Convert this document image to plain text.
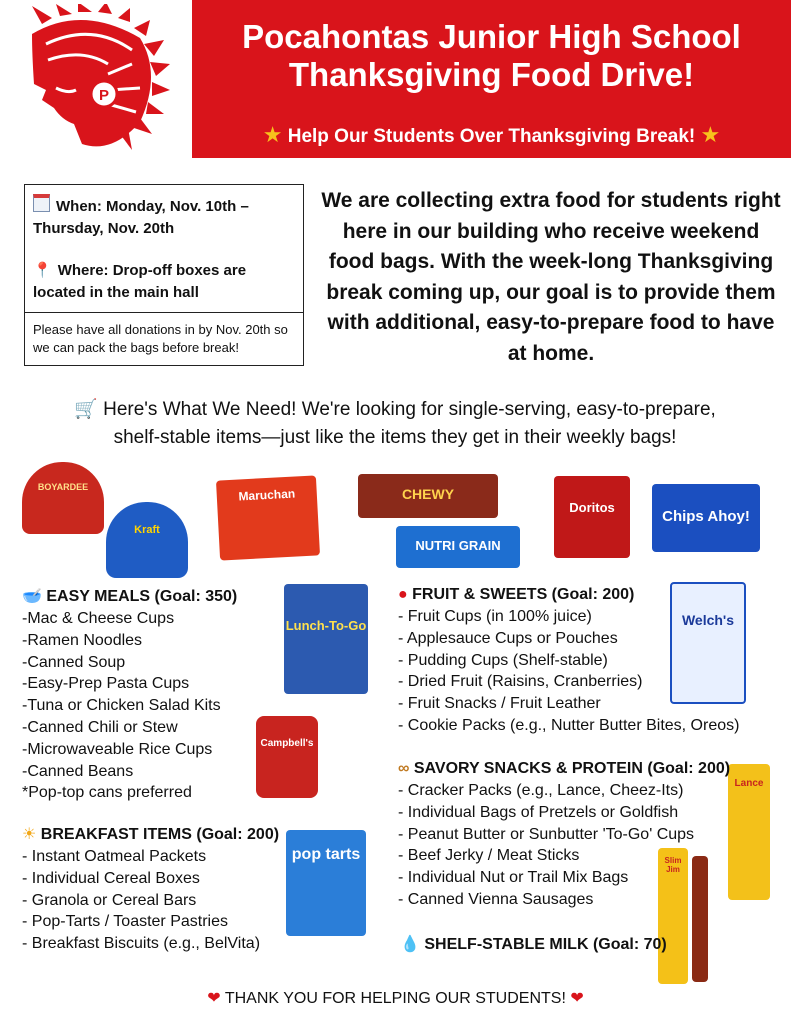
P
Pocahontas Junior High School
Thanksgiving Food Drive!
★ Help Our Students Over Thanksgiving Break! ★
When: Monday, Nov. 10th – Thursday, Nov. 20th
📍 Where: Drop-off boxes are located in the main hall
Please have all donations in by Nov. 20th so we can pack the bags before break!
We are collecting extra food for students right here in our building who receive weekend food bags. With the week-long Thanksgiving break coming up, our goal is to provide them with additional, easy-to-prepare food to have at home.
🛒 Here's What We Need! We're looking for single-serving, easy-to-prepare,
shelf-stable items—just like the items they get in their weekly bags!
BOYARDEE
Kraft
Maruchan	CHEWY
NUTRI GRAIN
Doritos
Chips Ahoy!
Lunch-To-Go
Campbell's
pop tarts
Welch's
Lance
Slim Jim
🥣 EASY MEALS (Goal: 350)
-Mac & Cheese Cups
-Ramen Noodles
-Canned Soup
-Easy-Prep Pasta Cups
-Tuna or Chicken Salad Kits
-Canned Chili or Stew
-Microwaveable Rice Cups
-Canned Beans
*Pop-top cans preferred
☀ BREAKFAST ITEMS (Goal: 200)
- Instant Oatmeal Packets
- Individual Cereal Boxes
- Granola or Cereal Bars
- Pop-Tarts / Toaster Pastries
- Breakfast Biscuits (e.g., BelVita)
● FRUIT & SWEETS (Goal: 200)
- Fruit Cups (in 100% juice)
- Applesauce Cups or Pouches
- Pudding Cups (Shelf-stable)
- Dried Fruit (Raisins, Cranberries)
- Fruit Snacks / Fruit Leather
- Cookie Packs (e.g., Nutter Butter Bites, Oreos)
∞ SAVORY SNACKS & PROTEIN (Goal: 200)
- Cracker Packs (e.g., Lance, Cheez-Its)
- Individual Bags of Pretzels or Goldfish
- Peanut Butter or Sunbutter 'To-Go' Cups
- Beef Jerky / Meat Sticks
- Individual Nut or Trail Mix Bags
- Canned Vienna Sausages
💧 SHELF-STABLE MILK (Goal: 70)
❤ THANK YOU FOR HELPING OUR STUDENTS! ❤
